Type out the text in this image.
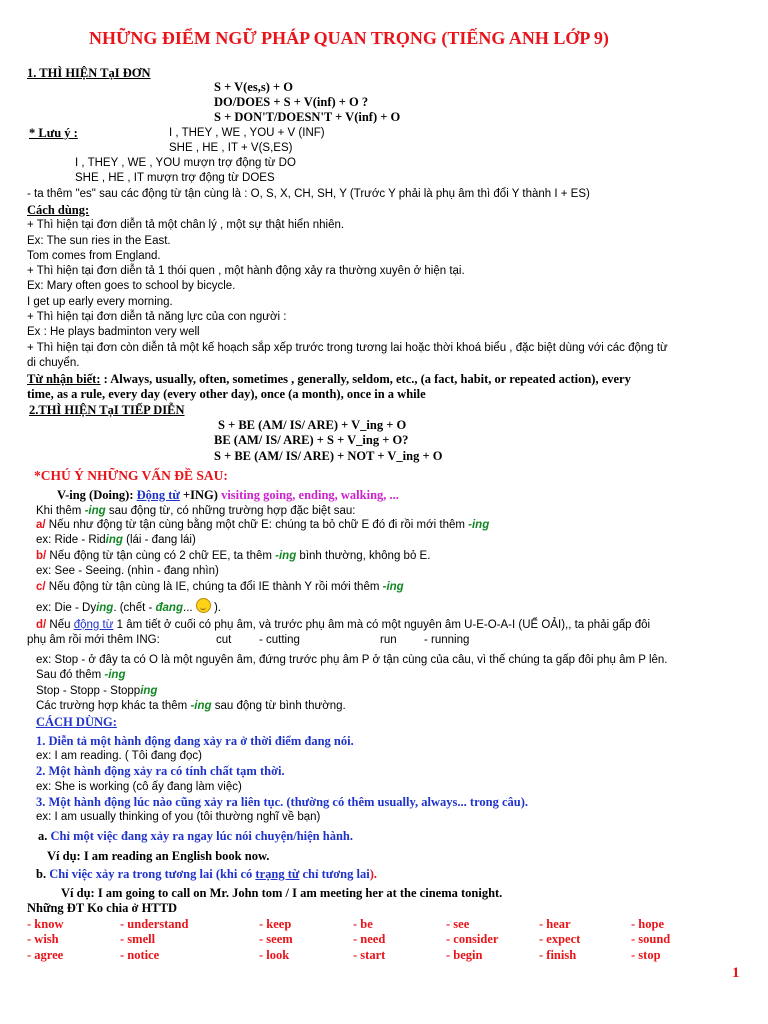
NHỮNG ĐIỂM NGỮ PHÁP QUAN TRỌNG (TIẾNG ANH LỚP 9)
1. THÌ HIỆN TạI ĐƠN
S + V(es,s) + O
DO/DOES + S + V(inf) + O ?
S + DON'T/DOESN'T + V(inf) + O
* Lưu ý :	I , THEY , WE , YOU + V (INF)
SHE , HE , IT + V(S,ES)
I , THEY , WE , YOU mượn trợ động từ DO
SHE , HE , IT mượn trợ động từ DOES
- ta thêm "es" sau các động từ tận cùng là : O, S, X, CH, SH, Y (Trước Y phải là phụ âm thì đổi Y thành I + ES)
Cách dùng:
+ Thì hiện tại đơn diễn tả một chân lý , một sự thật hiển nhiên.
Ex: The sun ries in the East.
Tom comes from England.
+ Thì hiện tại đơn diễn tả 1 thói quen , một hành động xảy ra thường xuyên ở hiện tại.
Ex: Mary often goes to school by bicycle.
I get up early every morning.
+ Thì hiện tại đơn diễn tả năng lực của con người :
Ex : He plays badminton very well
+ Thì hiện tại đơn còn diễn tả một kế hoạch sắp xếp trước trong tương lai hoặc thời khoá biểu , đặc biệt dùng với các động từ
di chuyển.
Từ nhận biết: : Always, usually, often, sometimes , generally, seldom, etc., (a fact, habit, or repeated action), every
time, as a rule, every day (every other day), once (a month), once in a while
2.THÌ HIỆN TạI TIẾP DIỄN
S + BE (AM/ IS/ ARE) + V_ing + O
BE (AM/ IS/ ARE) + S + V_ing + O?
S + BE (AM/ IS/ ARE) + NOT + V_ing + O
*CHÚ Ý NHỮNG VẤN ĐỀ SAU:
V-ing (Doing): Động từ +ING) visiting going, ending, walking, ...
Khi thêm -ing sau động từ, có những trường hợp đặc biệt sau:
a/ Nếu như động từ tận cùng bằng một chữ E: chúng ta bỏ chữ E đó đi rồi mới thêm -ing
ex: Ride - Riding (lái - đang lái)
b/ Nếu động từ tận cùng có 2 chữ EE, ta thêm -ing bình thường, không bỏ E.
ex: See - Seeing. (nhìn - đang nhìn)
c/ Nếu động từ tận cùng là IE, chúng ta đổi IE thành Y rồi mới thêm -ing
ex: Die - Dying. (chết - đang...  ).
d/ Nếu động từ 1 âm tiết ở cuối có phụ âm, và trước phụ âm mà có một nguyên âm U-E-O-A-I (UỂ OẢI),, ta phải gấp đôi
phụ âm rồi mới thêm ING:	cut - cutting	run - running
ex: Stop - ở đây ta có O là một nguyên âm, đứng trước phụ âm P ở tận cùng của câu, vì thế chúng ta gấp đôi phụ âm P lên.
Sau đó thêm -ing
Stop - Stopp - Stopping
Các trường hợp khác ta thêm -ing sau động từ bình thường.
CÁCH DÙNG:
1. Diễn tả một hành động đang xảy ra ở thời điểm đang nói.
ex: I am reading. ( Tôi đang đọc)
2. Một hành động xảy ra có tính chất tạm thời.
ex: She is working (cô ấy đang làm việc)
3. Một hành động lúc nào cũng xảy ra liên tục. (thường có thêm usually, always... trong câu).
ex: I am usually thinking of you (tôi thường nghĩ về bạn)
a. Chỉ một việc đang xảy ra ngay lúc nói chuyện/hiện hành.
Ví dụ: I am reading an English book now.
b. Chỉ việc xảy ra trong tương lai (khi có trạng từ chỉ tương lai).
Ví dụ: I am going to call on Mr. John tom / I am meeting her at the cinema tonight.
Những ĐT Ko chia ở HTTD
- know	- understand	- keep	- be	- see	- hear	- hope
- wish	- smell	- seem	- need	- consider	- expect	- sound
- agree	- notice	- look	- start	- begin	- finish	- stop
1
